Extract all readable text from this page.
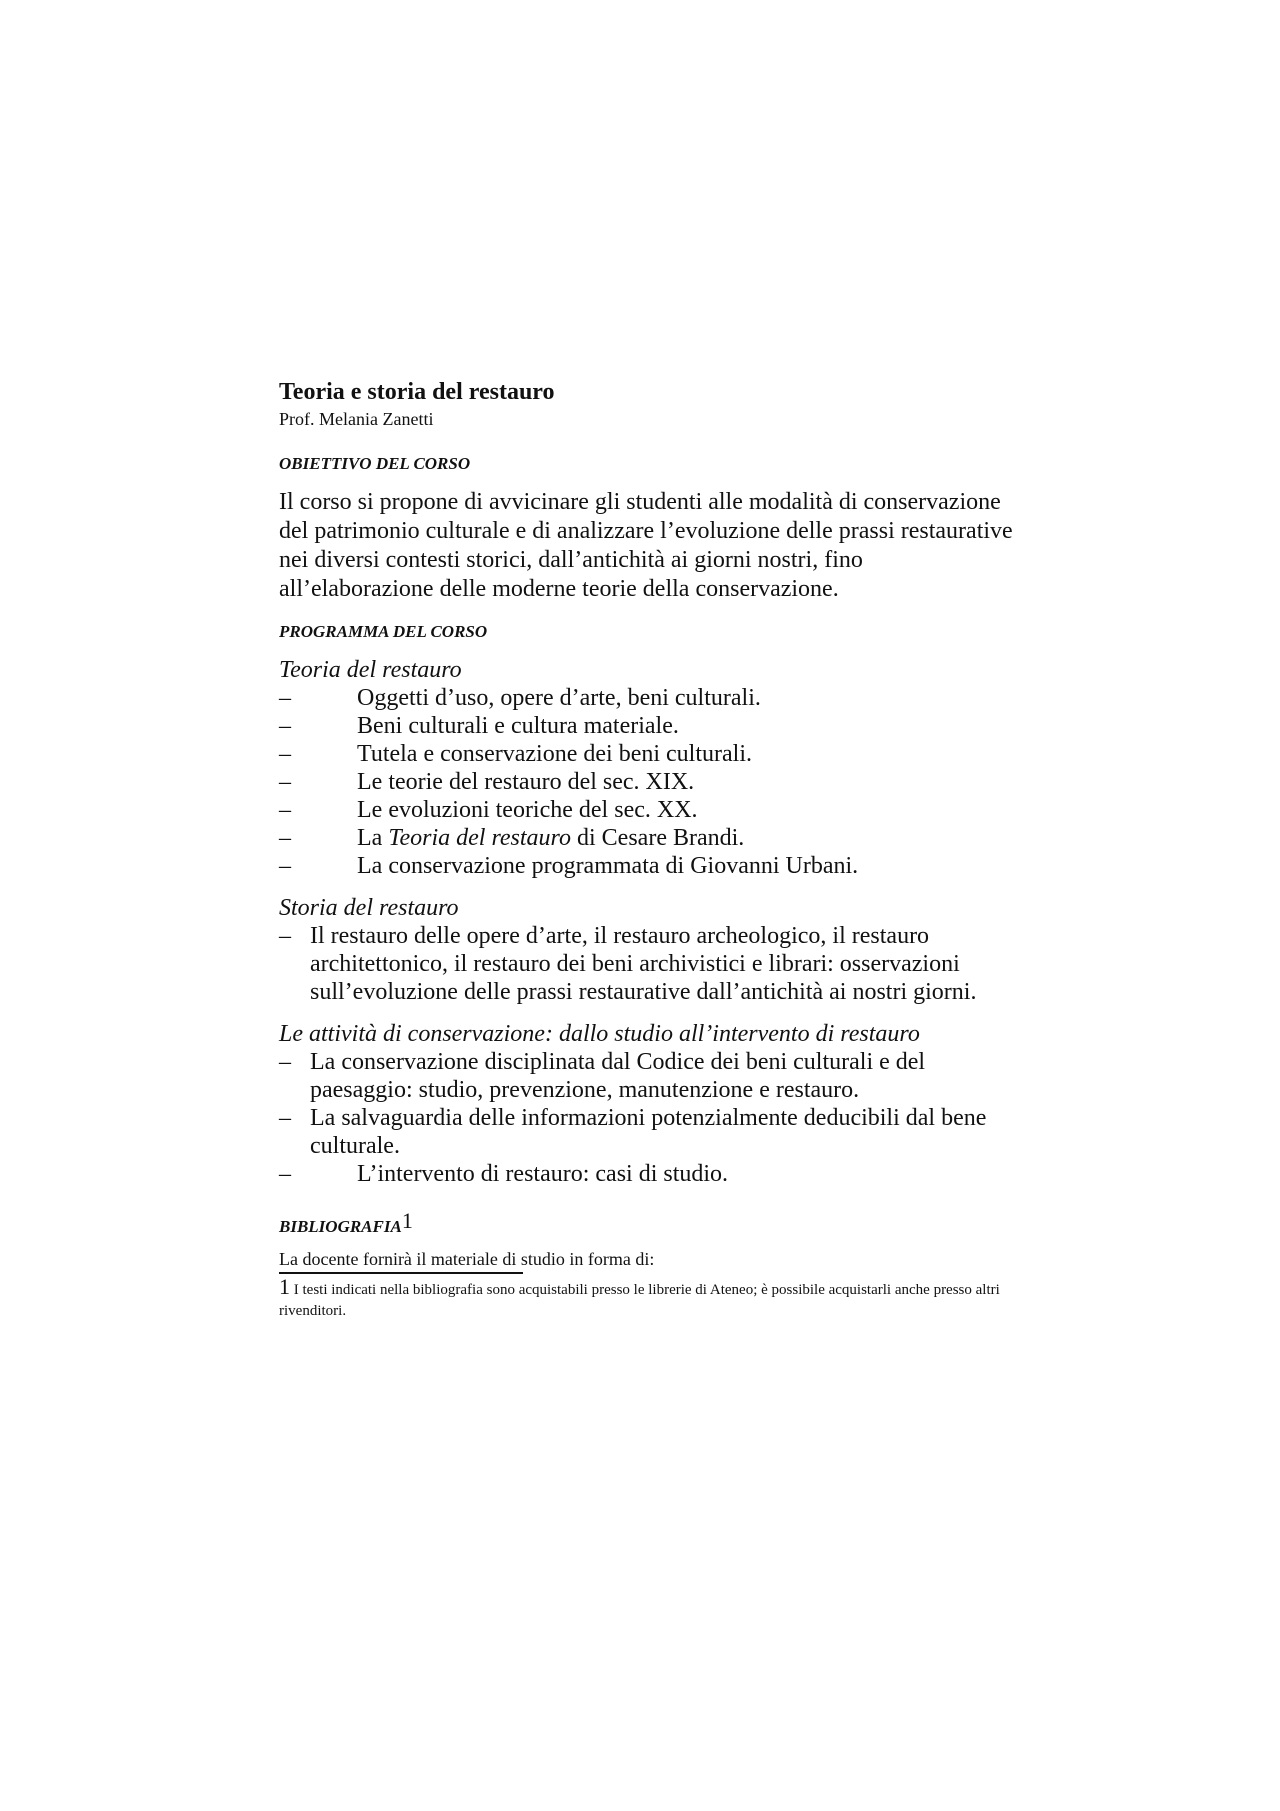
Teoria e storia del restauro

Prof. Melania Zanetti

OBIETTIVO DEL CORSO

Il corso si propone di avvicinare gli studenti alle modalità di conservazione del patrimonio culturale e di analizzare l’evoluzione delle prassi restaurative nei diversi contesti storici, dall’antichità ai giorni nostri, fino all’elaborazione delle moderne teorie della conservazione.

PROGRAMMA DEL CORSO

Teoria del restauro

–	Oggetti d’uso, opere d’arte, beni culturali.
–	Beni culturali e cultura materiale.
–	Tutela e conservazione dei beni culturali.
–	Le teorie del restauro del sec. XIX.
–	Le evoluzioni teoriche del sec. XX.
–	La Teoria del restauro di Cesare Brandi.
–	La conservazione programmata di Giovanni Urbani.

Storia del restauro

– Il restauro delle opere d’arte, il restauro archeologico, il restauro architettonico, il restauro dei beni archivistici e librari: osservazioni sull’evoluzione delle prassi restaurative dall’antichità ai nostri giorni.

Le attività di conservazione: dallo studio all’intervento di restauro

– La conservazione disciplinata dal Codice dei beni culturali e del paesaggio: studio, prevenzione, manutenzione e restauro.
– La salvaguardia delle informazioni potenzialmente deducibili dal bene culturale.
–	L’intervento di restauro: casi di studio.
BIBLIOGRAFIA$^1$

La docente fornirà il materiale di studio in forma di:

1 I testi indicati nella bibliografia sono acquistabili presso le librerie di Ateneo; è possibile acquistarli anche presso altri rivenditori.
